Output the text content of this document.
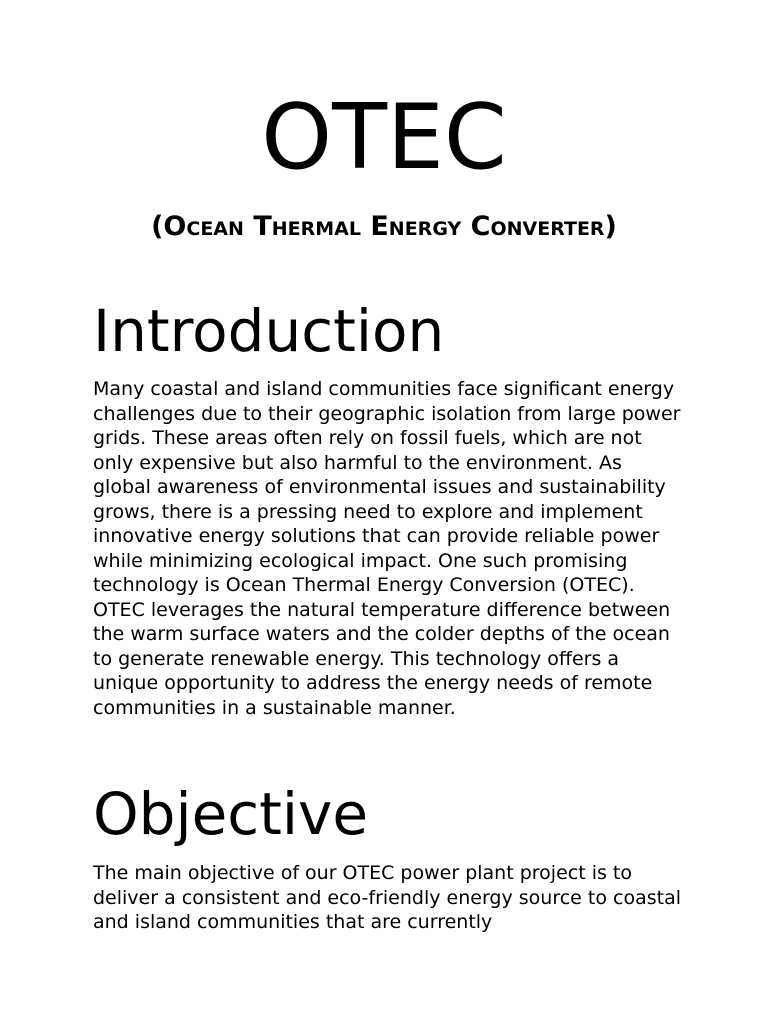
OTEC
(Ocean Thermal Energy Converter)
Introduction

Many coastal and island communities face significant energy challenges due to their geographic isolation from large power grids. These areas often rely on fossil fuels, which are not only expensive but also harmful to the environment. As global awareness of environmental issues and sustainability grows, there is a pressing need to explore and implement innovative energy solutions that can provide reliable power while minimizing ecological impact. One such promising technology is Ocean Thermal Energy Conversion (OTEC). OTEC leverages the natural temperature difference between the warm surface waters and the colder depths of the ocean to generate renewable energy. This technology offers a unique opportunity to address the energy needs of remote communities in a sustainable manner.

Objective

The main objective of our OTEC power plant project is to deliver a consistent and eco-friendly energy source to coastal and island communities that are currently
